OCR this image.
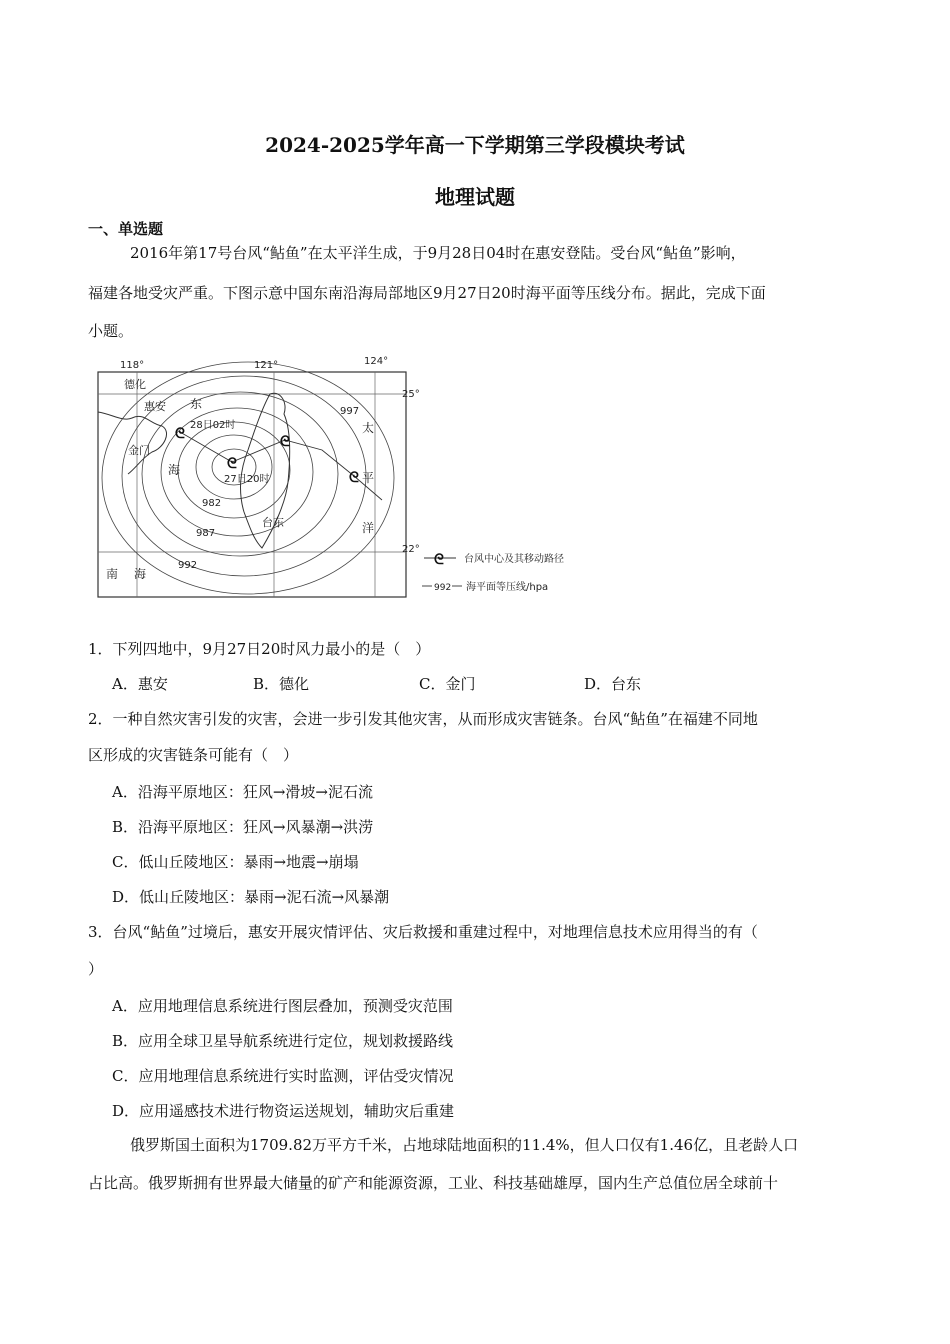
2024-2025学年高一下学期第三学段模块考试
地理试题
一、单选题
2016年第17号台风“鲇鱼”在太平洋生成，于9月28日04时在惠安登陆。受台风“鲇鱼”影响，
福建各地受灾严重。下图示意中国东南沿海局部地区9月27日20时海平面等压线分布。据此，完成下面
小题。
ᘓ
ᘓ
ᘓ
ᘓ
118°	121°	124°
25°
22°
德化
惠安
金门
台东
东
海
太
平
洋
南 海
28日02时
27日20时
997
982
987
992	ᘓ 台风中心及其移动路径
992 海平面等压线/hpa
1．下列四地中，9月27日20时风力最小的是（　）
A．惠安	B．德化	C．金门	D．台东
2．一种自然灾害引发的灾害，会进一步引发其他灾害，从而形成灾害链条。台风“鲇鱼”在福建不同地
区形成的灾害链条可能有（　）
A．沿海平原地区：狂风→滑坡→泥石流
B．沿海平原地区：狂风→风暴潮→洪涝
C．低山丘陵地区：暴雨→地震→崩塌
D．低山丘陵地区：暴雨→泥石流→风暴潮
3．台风“鲇鱼”过境后，惠安开展灾情评估、灾后救援和重建过程中，对地理信息技术应用得当的有（
）
A．应用地理信息系统进行图层叠加，预测受灾范围
B．应用全球卫星导航系统进行定位，规划救援路线
C．应用地理信息系统进行实时监测，评估受灾情况
D．应用遥感技术进行物资运送规划，辅助灾后重建
俄罗斯国土面积为1709.82万平方千米，占地球陆地面积的11.4%，但人口仅有1.46亿，且老龄人口
占比高。俄罗斯拥有世界最大储量的矿产和能源资源，工业、科技基础雄厚，国内生产总值位居全球前十
